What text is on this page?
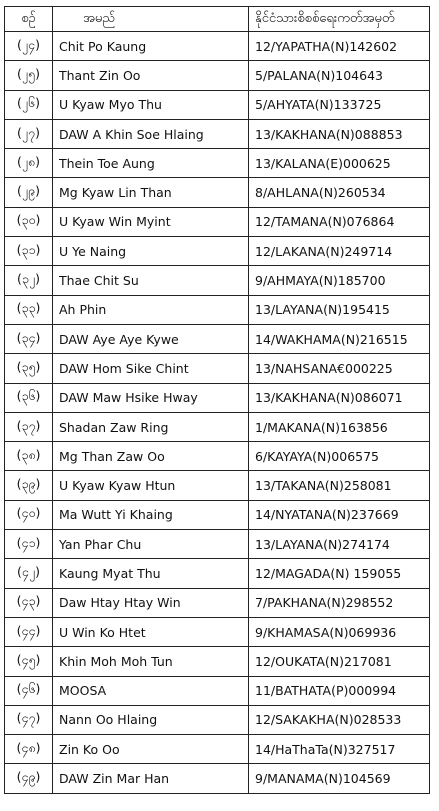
စဉ်	အမည်	နိုင်ငံသားစိစစ်ရေးကတ်အမှတ်
(၂၄)	Chit Po Kaung	12/YAPATHA(N)142602
(၂၅)	Thant Zin Oo	5/PALANA(N)104643
(၂၆)	U Kyaw Myo Thu	5/AHYATA(N)133725
(၂၇)	DAW A Khin Soe Hlaing	13/KAKHANA(N)088853
(၂၈)	Thein Toe Aung	13/KALANA(E)000625
(၂၉)	Mg Kyaw Lin Than	8/AHLANA(N)260534
(၃၀)	U Kyaw Win Myint	12/TAMANA(N)076864
(၃၁)	U Ye Naing	12/LAKANA(N)249714
(၃၂)	Thae Chit Su	9/AHMAYA(N)185700
(၃၃)	Ah Phin	13/LAYANA(N)195415
(၃၄)	DAW Aye Aye Kywe	14/WAKHAMA(N)216515
(၃၅)	DAW Hom Sike Chint	13/NAHSANA€000225
(၃၆)	DAW Maw Hsike Hway	13/KAKHANA(N)086071
(၃၇)	Shadan Zaw Ring	1/MAKANA(N)163856
(၃၈)	Mg Than Zaw Oo	6/KAYAYA(N)006575
(၃၉)	U Kyaw Kyaw Htun	13/TAKANA(N)258081
(၄၀)	Ma Wutt Yi Khaing	14/NYATANA(N)237669
(၄၁)	Yan Phar Chu	13/LAYANA(N)274174
(၄၂)	Kaung Myat Thu	12/MAGADA(N) 159055
(၄၃)	Daw Htay Htay Win	7/PAKHANA(N)298552
(၄၄)	U Win Ko Htet	9/KHAMASA(N)069936
(၄၅)	Khin Moh Moh Tun	12/OUKATA(N)217081
(၄၆)	MOOSA	11/BATHATA(P)000994
(၄၇)	Nann Oo Hlaing	12/SAKAKHA(N)028533
(၄၈)	Zin Ko Oo	14/HaThaTa(N)327517
(၄၉)	DAW Zin Mar Han	9/MANAMA(N)104569
